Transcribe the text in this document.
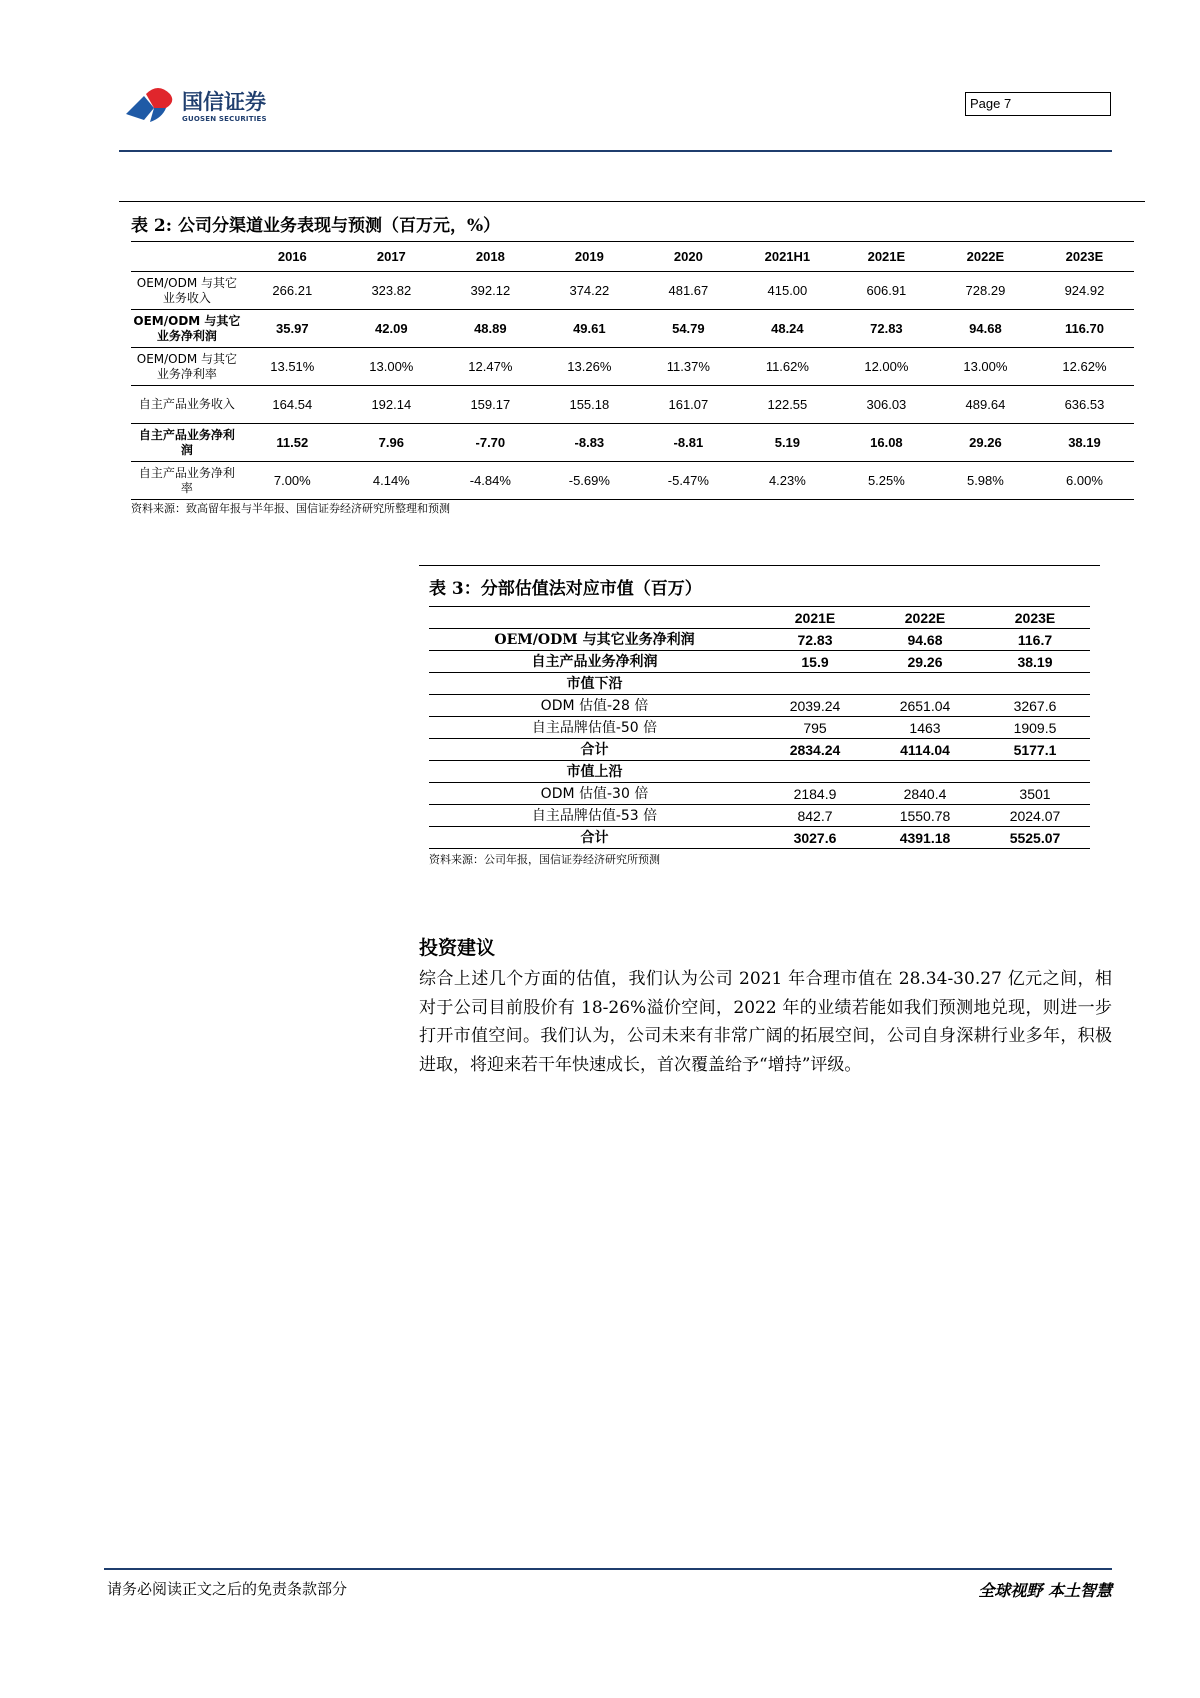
国信证券
GUOSEN SECURITIES
Page 7
表 2: 公司分渠道业务表现与预测（百万元，%）
	2016	2017	2018	2019	2020	2021H1	2021E	2022E	2023E
OEM/ODM 与其它业务收入	266.21	323.82	392.12	374.22	481.67	415.00	606.91	728.29	924.92
OEM/ODM 与其它业务净利润	35.97	42.09	48.89	49.61	54.79	48.24	72.83	94.68	116.70
OEM/ODM 与其它业务净利率	13.51%	13.00%	12.47%	13.26%	11.37%	11.62%	12.00%	13.00%	12.62%
自主产品业务收入	164.54	192.14	159.17	155.18	161.07	122.55	306.03	489.64	636.53
自主产品业务净利润	11.52	7.96	-7.70	-8.83	-8.81	5.19	16.08	29.26	38.19
自主产品业务净利率	7.00%	4.14%	-4.84%	-5.69%	-5.47%	4.23%	5.25%	5.98%	6.00%
资料来源：致高留年报与半年报、国信证券经济研究所整理和预测
表 3：分部估值法对应市值（百万）
	2021E	2022E	2023E
OEM/ODM 与其它业务净利润	72.83	94.68	116.7
自主产品业务净利润	15.9	29.26	38.19
市值下沿			
ODM 估值-28 倍	2039.24	2651.04	3267.6
自主品牌估值-50 倍	795	1463	1909.5
合计	2834.24	4114.04	5177.1
市值上沿			
ODM 估值-30 倍	2184.9	2840.4	3501
自主品牌估值-53 倍	842.7	1550.78	2024.07
合计	3027.6	4391.18	5525.07
资料来源：公司年报，国信证券经济研究所预测
投资建议
综合上述几个方面的估值，我们认为公司 2021 年合理市值在 28.34-30.27 亿元之间，相对于公司目前股价有 18-26%溢价空间，2022 年的业绩若能如我们预测地兑现，则进一步打开市值空间。我们认为，公司未来有非常广阔的拓展空间，公司自身深耕行业多年，积极进取，将迎来若干年快速成长，首次覆盖给予“增持”评级。
请务必阅读正文之后的免责条款部分	全球视野 本土智慧
